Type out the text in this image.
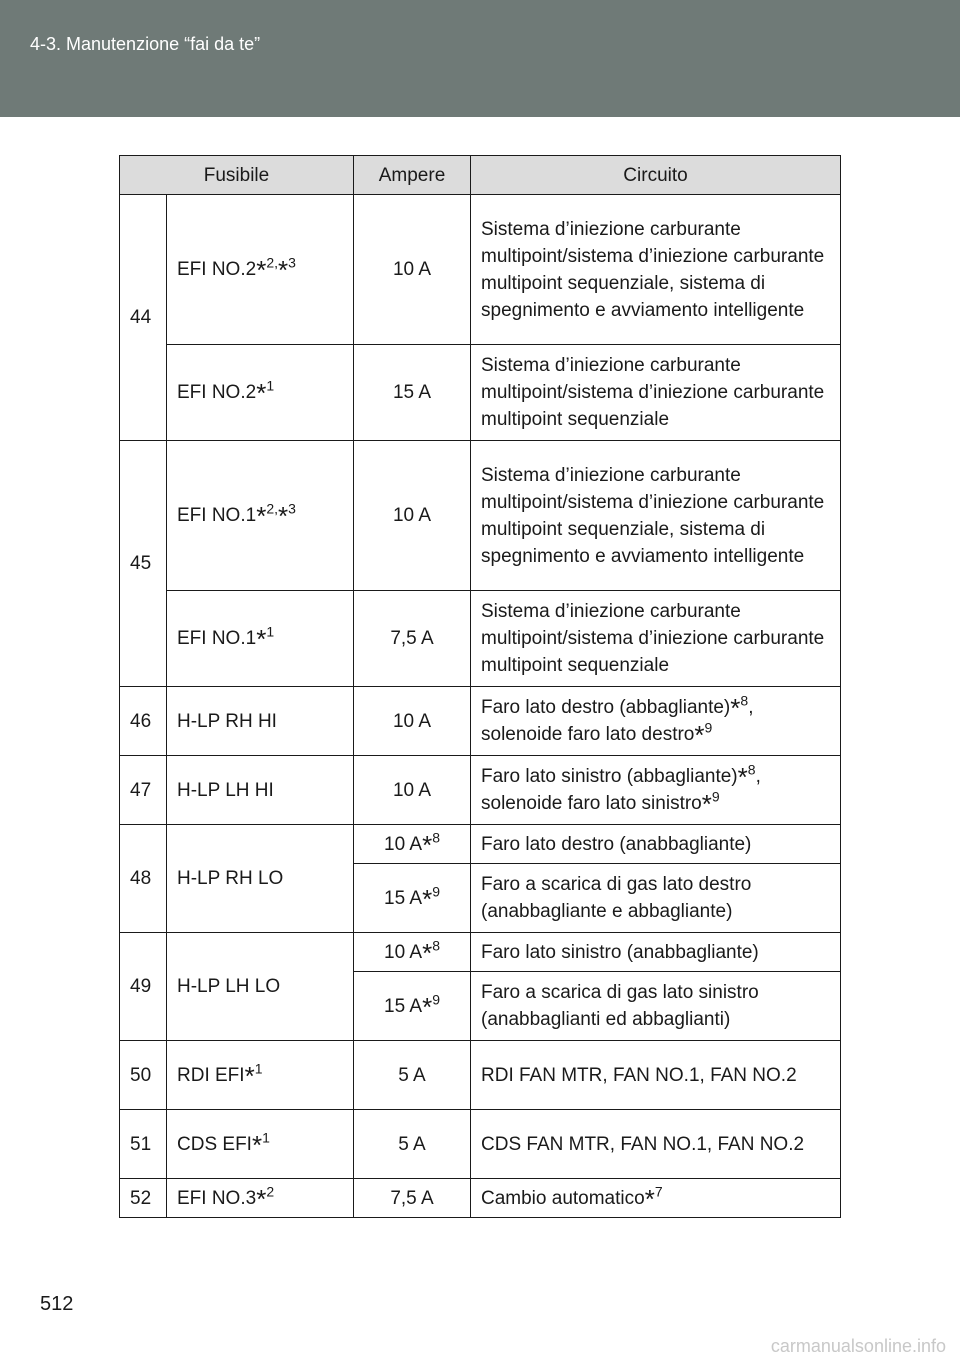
4-3. Manutenzione “fai da te”
Fusibile		Ampere	Circuito
44	EFI NO.2*$^{2,}$*$^3$	10 A	Sistema d’iniezione carburante multipoint/sistema d’iniezione carburante multipoint sequenziale, sistema di spegnimento e avviamento intelligente
	EFI NO.2*$^1$	15 A	Sistema d’iniezione carburante multipoint/sistema d’iniezione carburante multipoint sequenziale
45	EFI NO.1*$^{2,}$*$^3$	10 A	Sistema d’iniezione carburante multipoint/sistema d’iniezione carburante multipoint sequenziale, sistema di spegnimento e avviamento intelligente
	EFI NO.1*$^1$	7,5 A	Sistema d’iniezione carburante multipoint/sistema d’iniezione carburante multipoint sequenziale
46	H-LP RH HI	10 A	Faro lato destro (abbagliante)*$^8$,
solenoide faro lato destro*$^9$
47	H-LP LH HI	10 A	Faro lato sinistro (abbagliante)*$^8$,
solenoide faro lato sinistro*$^9$
48	H-LP RH LO	10 A*$^8$	Faro lato destro (anabbagliante)
		15 A*$^9$	Faro a scarica di gas lato destro (anabbagliante e abbagliante)
49	H-LP LH LO	10 A*$^8$	Faro lato sinistro (anabbagliante)
		15 A*$^9$	Faro a scarica di gas lato sinistro (anabbaglianti ed abbaglianti)
50	RDI EFI*$^1$	5 A	RDI FAN MTR, FAN NO.1, FAN NO.2
51	CDS EFI*$^1$	5 A	CDS FAN MTR, FAN NO.1, FAN NO.2
52	EFI NO.3*$^2$	7,5 A	Cambio automatico*$^7$
512
carmanualsonline.info
